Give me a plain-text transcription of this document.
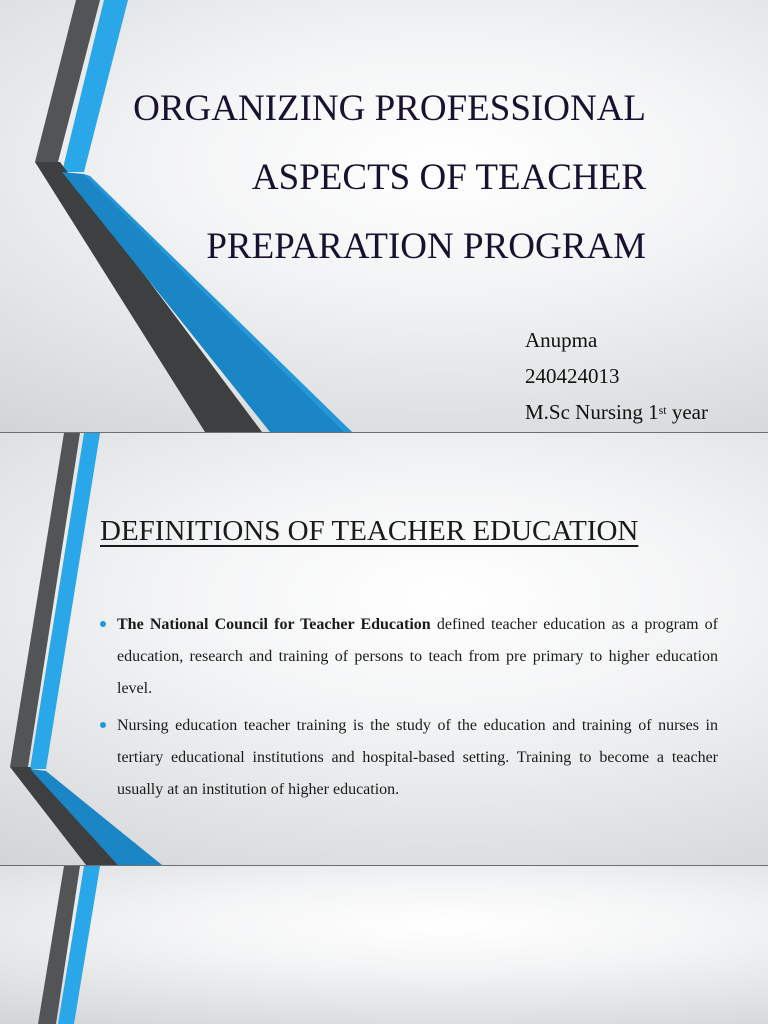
ORGANIZING PROFESSIONAL
ASPECTS OF TEACHER
PREPARATION PROGRAM
Anupma
240424013
M.Sc Nursing 1st year
DEFINITIONS OF TEACHER EDUCATION
The National Council for Teacher Education defined teacher education as a program of education, research and training of persons to teach from pre primary to higher education level.
Nursing education teacher training is the study of the education and training of nurses in tertiary educational institutions and hospital-based setting. Training to become a teacher usually at an institution of higher education.
